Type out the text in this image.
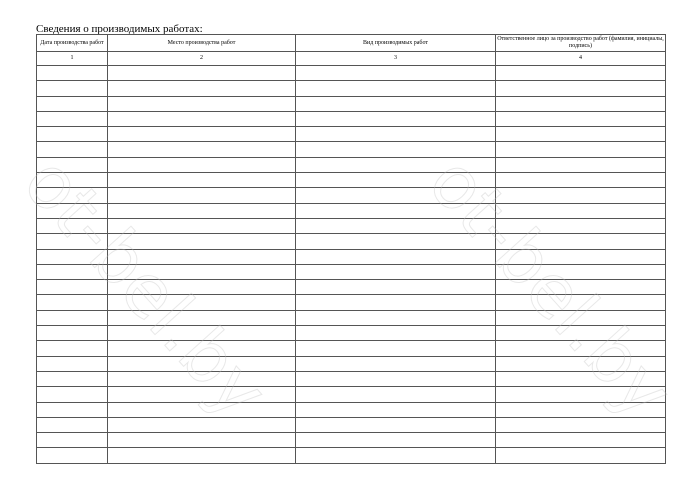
Сведения о производимых работах:
Дата производства работ	Место производства работ	Вид производимых работ	Ответственное лицо за производство работ (фамилия, инициалы, подпись)
1	2	3	4

ot-bel.by ot-bel.by
